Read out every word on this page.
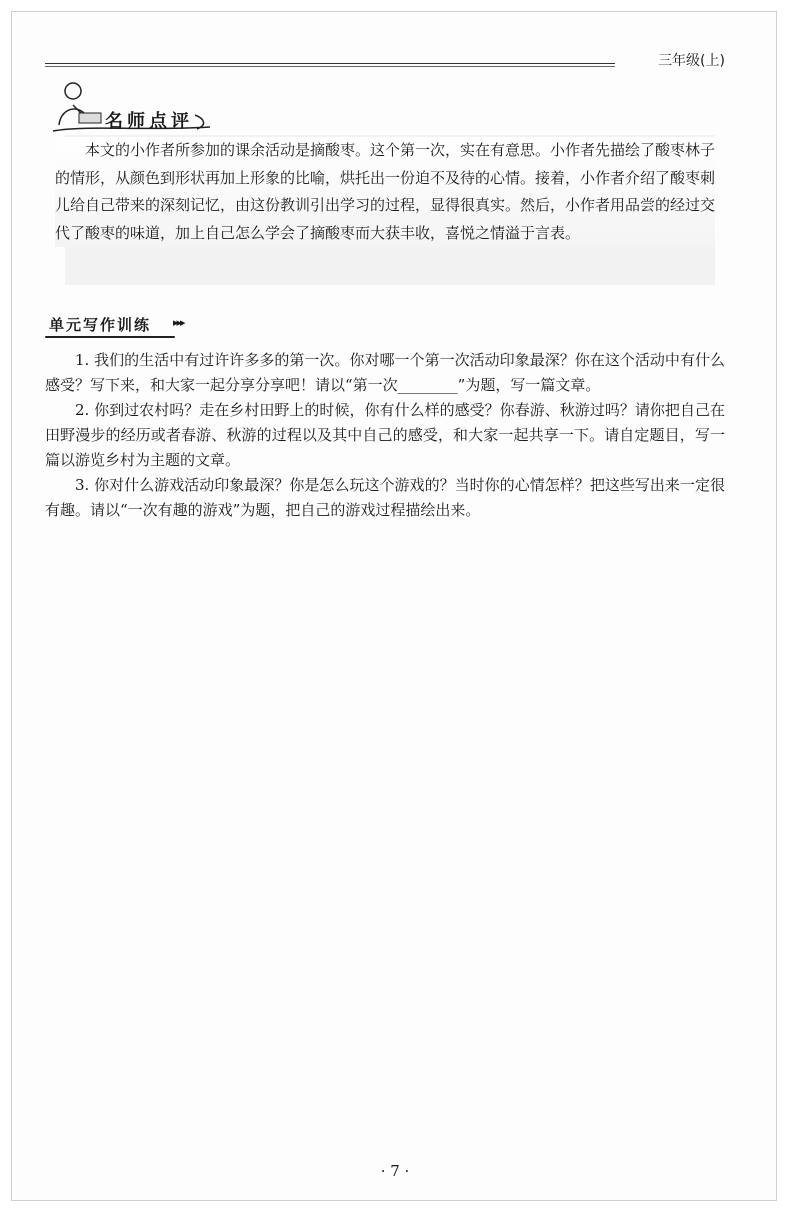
三年级(上)
名师点评
本文的小作者所参加的课余活动是摘酸枣。这个第一次，实在有意思。小作者先描绘了酸枣林子的情形，从颜色到形状再加上形象的比喻，烘托出一份迫不及待的心情。接着，小作者介绍了酸枣刺儿给自己带来的深刻记忆，由这份教训引出学习的过程，显得很真实。然后，小作者用品尝的经过交代了酸枣的味道，加上自己怎么学会了摘酸枣而大获丰收，喜悦之情溢于言表。
单元写作训练 ▸▸▸

1. 我们的生活中有过许许多多的第一次。你对哪一个第一次活动印象最深？你在这个活动中有什么感受？写下来，和大家一起分享分享吧！请以“第一次________”为题，写一篇文章。

2. 你到过农村吗？走在乡村田野上的时候，你有什么样的感受？你春游、秋游过吗？请你把自己在田野漫步的经历或者春游、秋游的过程以及其中自己的感受，和大家一起共享一下。请自定题目，写一篇以游览乡村为主题的文章。

3. 你对什么游戏活动印象最深？你是怎么玩这个游戏的？当时你的心情怎样？把这些写出来一定很有趣。请以“一次有趣的游戏”为题，把自己的游戏过程描绘出来。

· 7 ·
